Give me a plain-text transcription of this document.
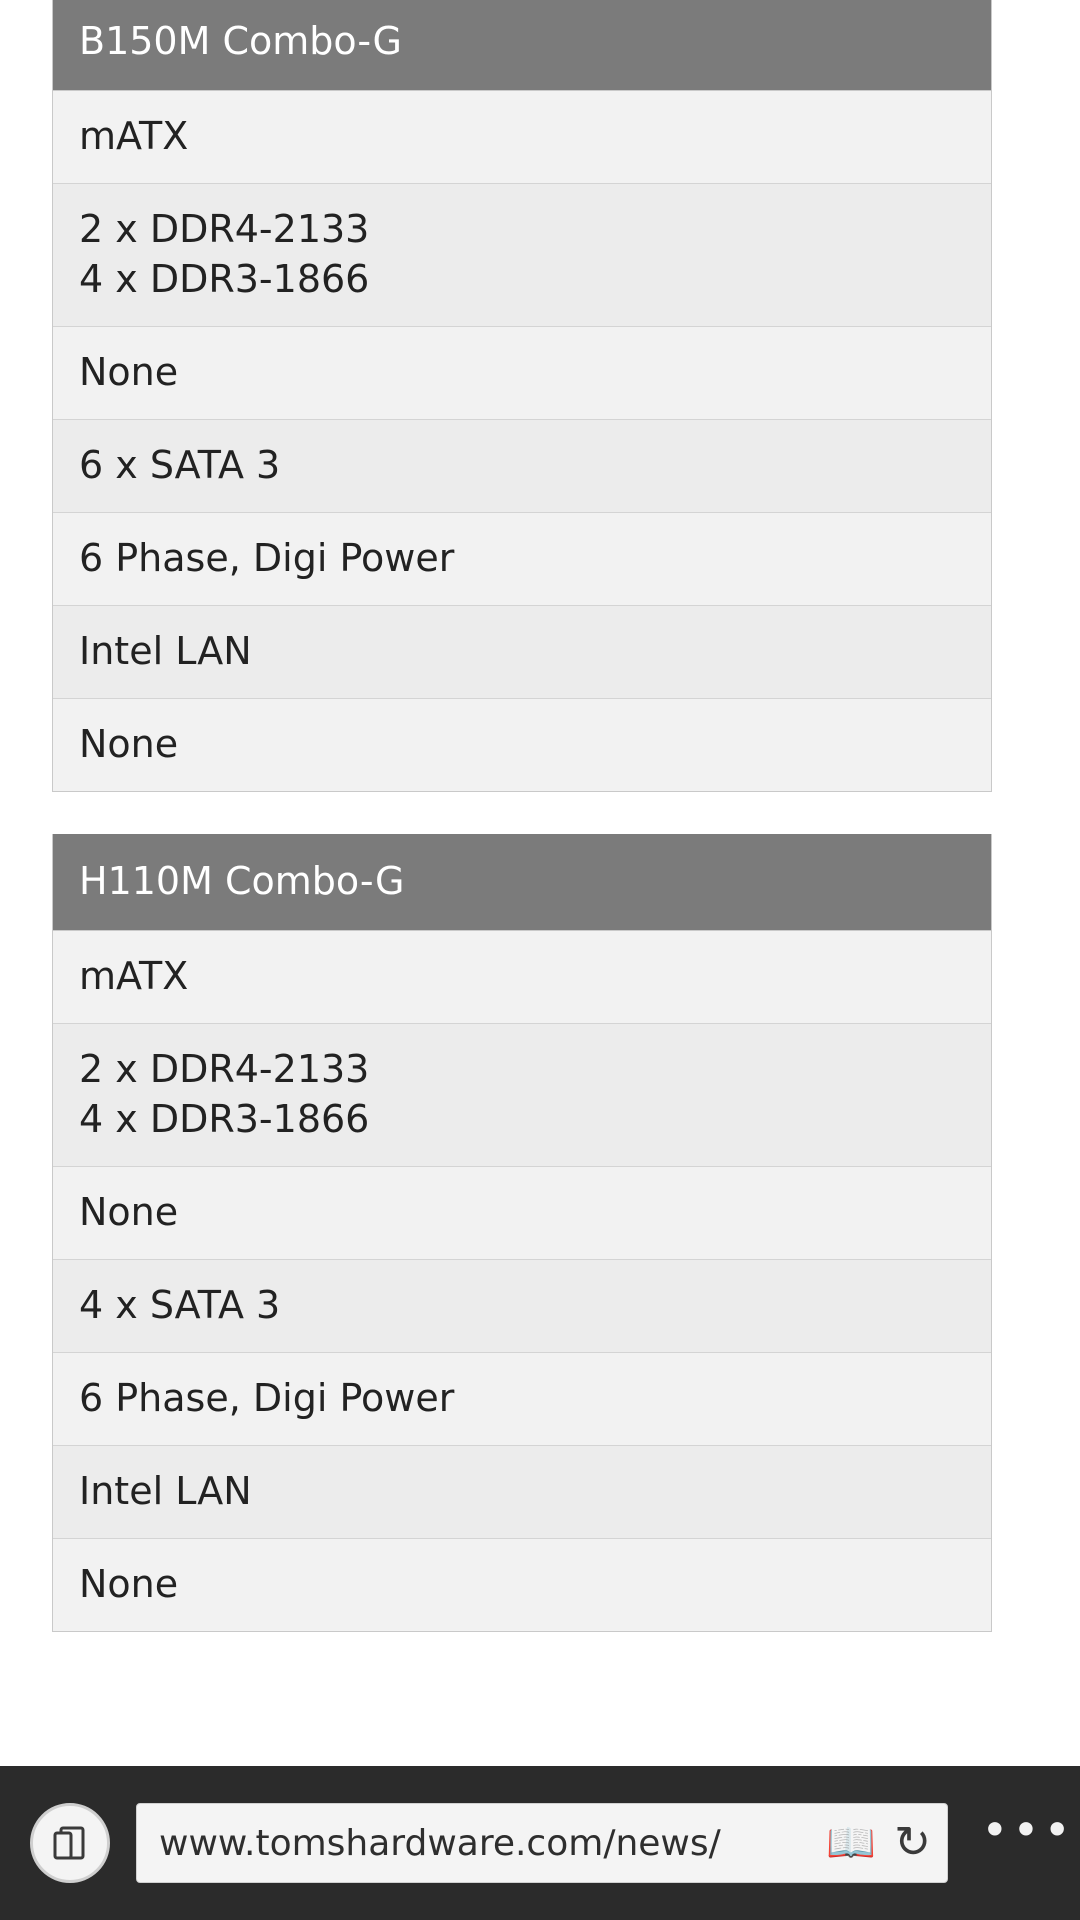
B150M Combo-G
mATX
2 x DDR4-2133
4 x DDR3-1866
None
6 x SATA 3
6 Phase, Digi Power
Intel LAN
None
H110M Combo-G
mATX
2 x DDR4-2133
4 x DDR3-1866
None
4 x SATA 3
6 Phase, Digi Power
Intel LAN
None
www.tomshardware.com/news/	📖 ↻ •••
